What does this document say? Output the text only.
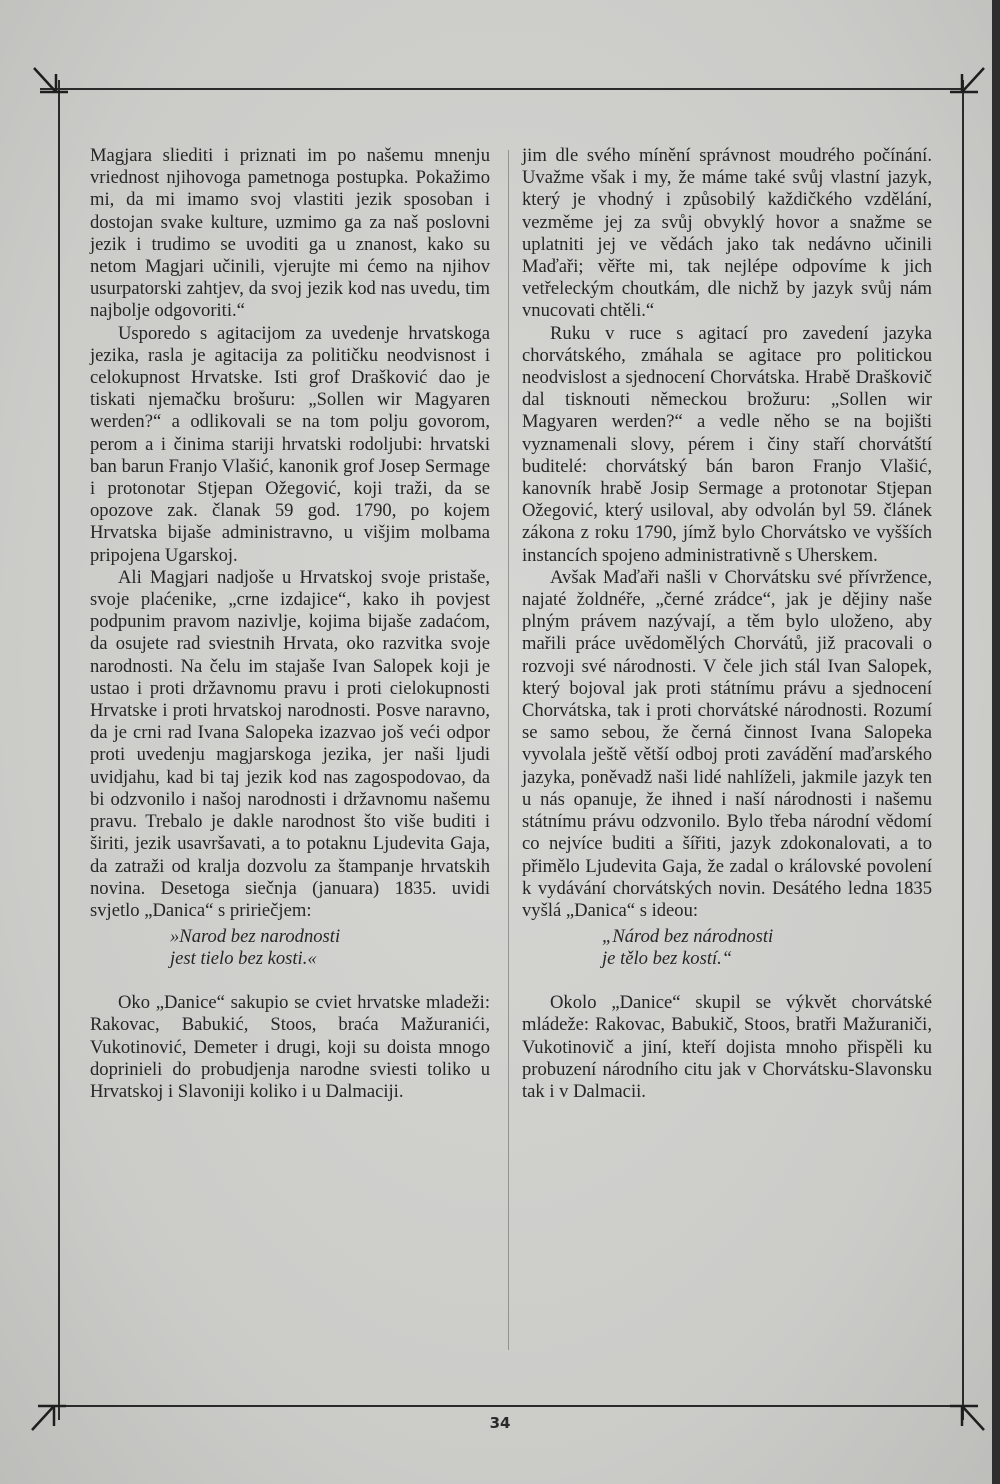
Magjara sliediti i priznati im po našemu mnenju vriednost njihovoga pametnoga postupka. Pokažimo mi, da mi imamo svoj vlastiti jezik sposoban i dostojan svake kulture, uzmimo ga za naš poslovni jezik i trudimo se uvoditi ga u znanost, kako su netom Magjari učinili, vjerujte mi ćemo na njihov usurpatorski zahtjev, da svoj jezik kod nas uvedu, tim najbolje odgovoriti.“

Usporedo s agitacijom za uvedenje hrvatskoga jezika, rasla je agitacija za političku neodvisnost i celokupnost Hrvatske. Isti grof Drašković dao je tiskati njemačku brošuru: „Sollen wir Magyaren werden?“ a odlikovali se na tom polju govorom, perom a i činima stariji hrvatski rodoljubi: hrvatski ban barun Franjo Vlašić, kanonik grof Josep Sermage i protonotar Stjepan Ožegović, koji traži, da se opozove zak. članak 59 god. 1790, po kojem Hrvatska bijaše administravno, u višjim molbama pripojena Ugarskoj.

Ali Magjari nadjoše u Hrvatskoj svoje pristaše, svoje plaćenike, „crne izdajice“, kako ih povjest podpunim pravom nazivlje, kojima bijaše zadaćom, da osujete rad sviestnih Hrvata, oko razvitka svoje narodnosti. Na čelu im stajaše Ivan Salopek koji je ustao i proti državnomu pravu i proti cielokupnosti Hrvatske i proti hrvatskoj narodnosti. Posve naravno, da je crni rad Ivana Salopeka izazvao još veći odpor proti uvedenju magjarskoga jezika, jer naši ljudi uvidjahu, kad bi taj jezik kod nas zagospodovao, da bi odzvonilo i našoj narodnosti i državnomu našemu pravu. Trebalo je dakle narodnost što više buditi i širiti, jezik usavršavati, a to potaknu Ljudevita Gaja, da zatraži od kralja dozvolu za štampanje hrvatskih novina. Desetoga siečnja (januara) 1835. uvidi svjetlo „Danica“ s pririečjem:

»Narod bez narodnosti
jest tielo bez kosti.«

Oko „Danice“ sakupio se cviet hrvatske mladeži: Rakovac, Babukić, Stoos, braća Mažuranići, Vukotinović, Demeter i drugi, koji su doista mnogo doprinieli do probudjenja narodne sviesti toliko u Hrvatskoj i Slavoniji koliko i u Dalmaciji.

jim dle svého mínění správnost moudrého počínání. Uvažme však i my, že máme také svůj vlastní jazyk, který je vhodný i způsobilý každičkého vzdělání, vezměme jej za svůj obvyklý hovor a snažme se uplatniti jej ve vědách jako tak nedávno učinili Maďaři; věřte mi, tak nejlépe odpovíme k jich vetřeleckým choutkám, dle nichž by jazyk svůj nám vnucovati chtěli.“

Ruku v ruce s agitací pro zavedení jazyka chorvátského, zmáhala se agitace pro politickou neodvislost a sjednocení Chorvátska. Hrabě Draškovič dal tisknouti německou brožuru: „Sollen wir Magyaren werden?“ a vedle něho se na bojišti vyznamenali slovy, pérem i činy staří chorvátští buditelé: chorvátský bán baron Franjo Vlašić, kanovník hrabě Josip Sermage a protonotar Stjepan Ožegović, který usiloval, aby odvolán byl 59. článek zákona z roku 1790, jímž bylo Chorvátsko ve vyšších instancích spojeno administrativně s Uherskem.

Avšak Maďaři našli v Chorvátsku své přívržence, najaté žoldnéře, „černé zrádce“, jak je dějiny naše plným právem nazývají, a těm bylo uloženo, aby mařili práce uvědomělých Chorvátů, již pracovali o rozvoji své národnosti. V čele jich stál Ivan Salopek, který bojoval jak proti státnímu právu a sjednocení Chorvátska, tak i proti chorvátské národnosti. Rozumí se samo sebou, že černá činnost Ivana Salopeka vyvolala ještě větší odboj proti zavádění maďarského jazyka, poněvadž naši lidé nahlíželi, jakmile jazyk ten u nás opanuje, že ihned i naší národnosti i našemu státnímu právu odzvonilo. Bylo třeba národní vědomí co nejvíce buditi a šířiti, jazyk zdokonalovati, a to přimělo Ljudevita Gaja, že zadal o královské povolení k vydávání chorvátských novin. Desátého ledna 1835 vyšlá „Danica“ s ideou:

„Národ bez národnosti
je tělo bez kostí.“

Okolo „Danice“ skupil se výkvět chorvátské mládeže: Rakovac, Babukič, Stoos, bratři Mažuraniči, Vukotinovič a jiní, kteří dojista mnoho přispěli ku probuzení národního citu jak v Chorvátsku-Slavonsku tak i v Dalmacii.

34
